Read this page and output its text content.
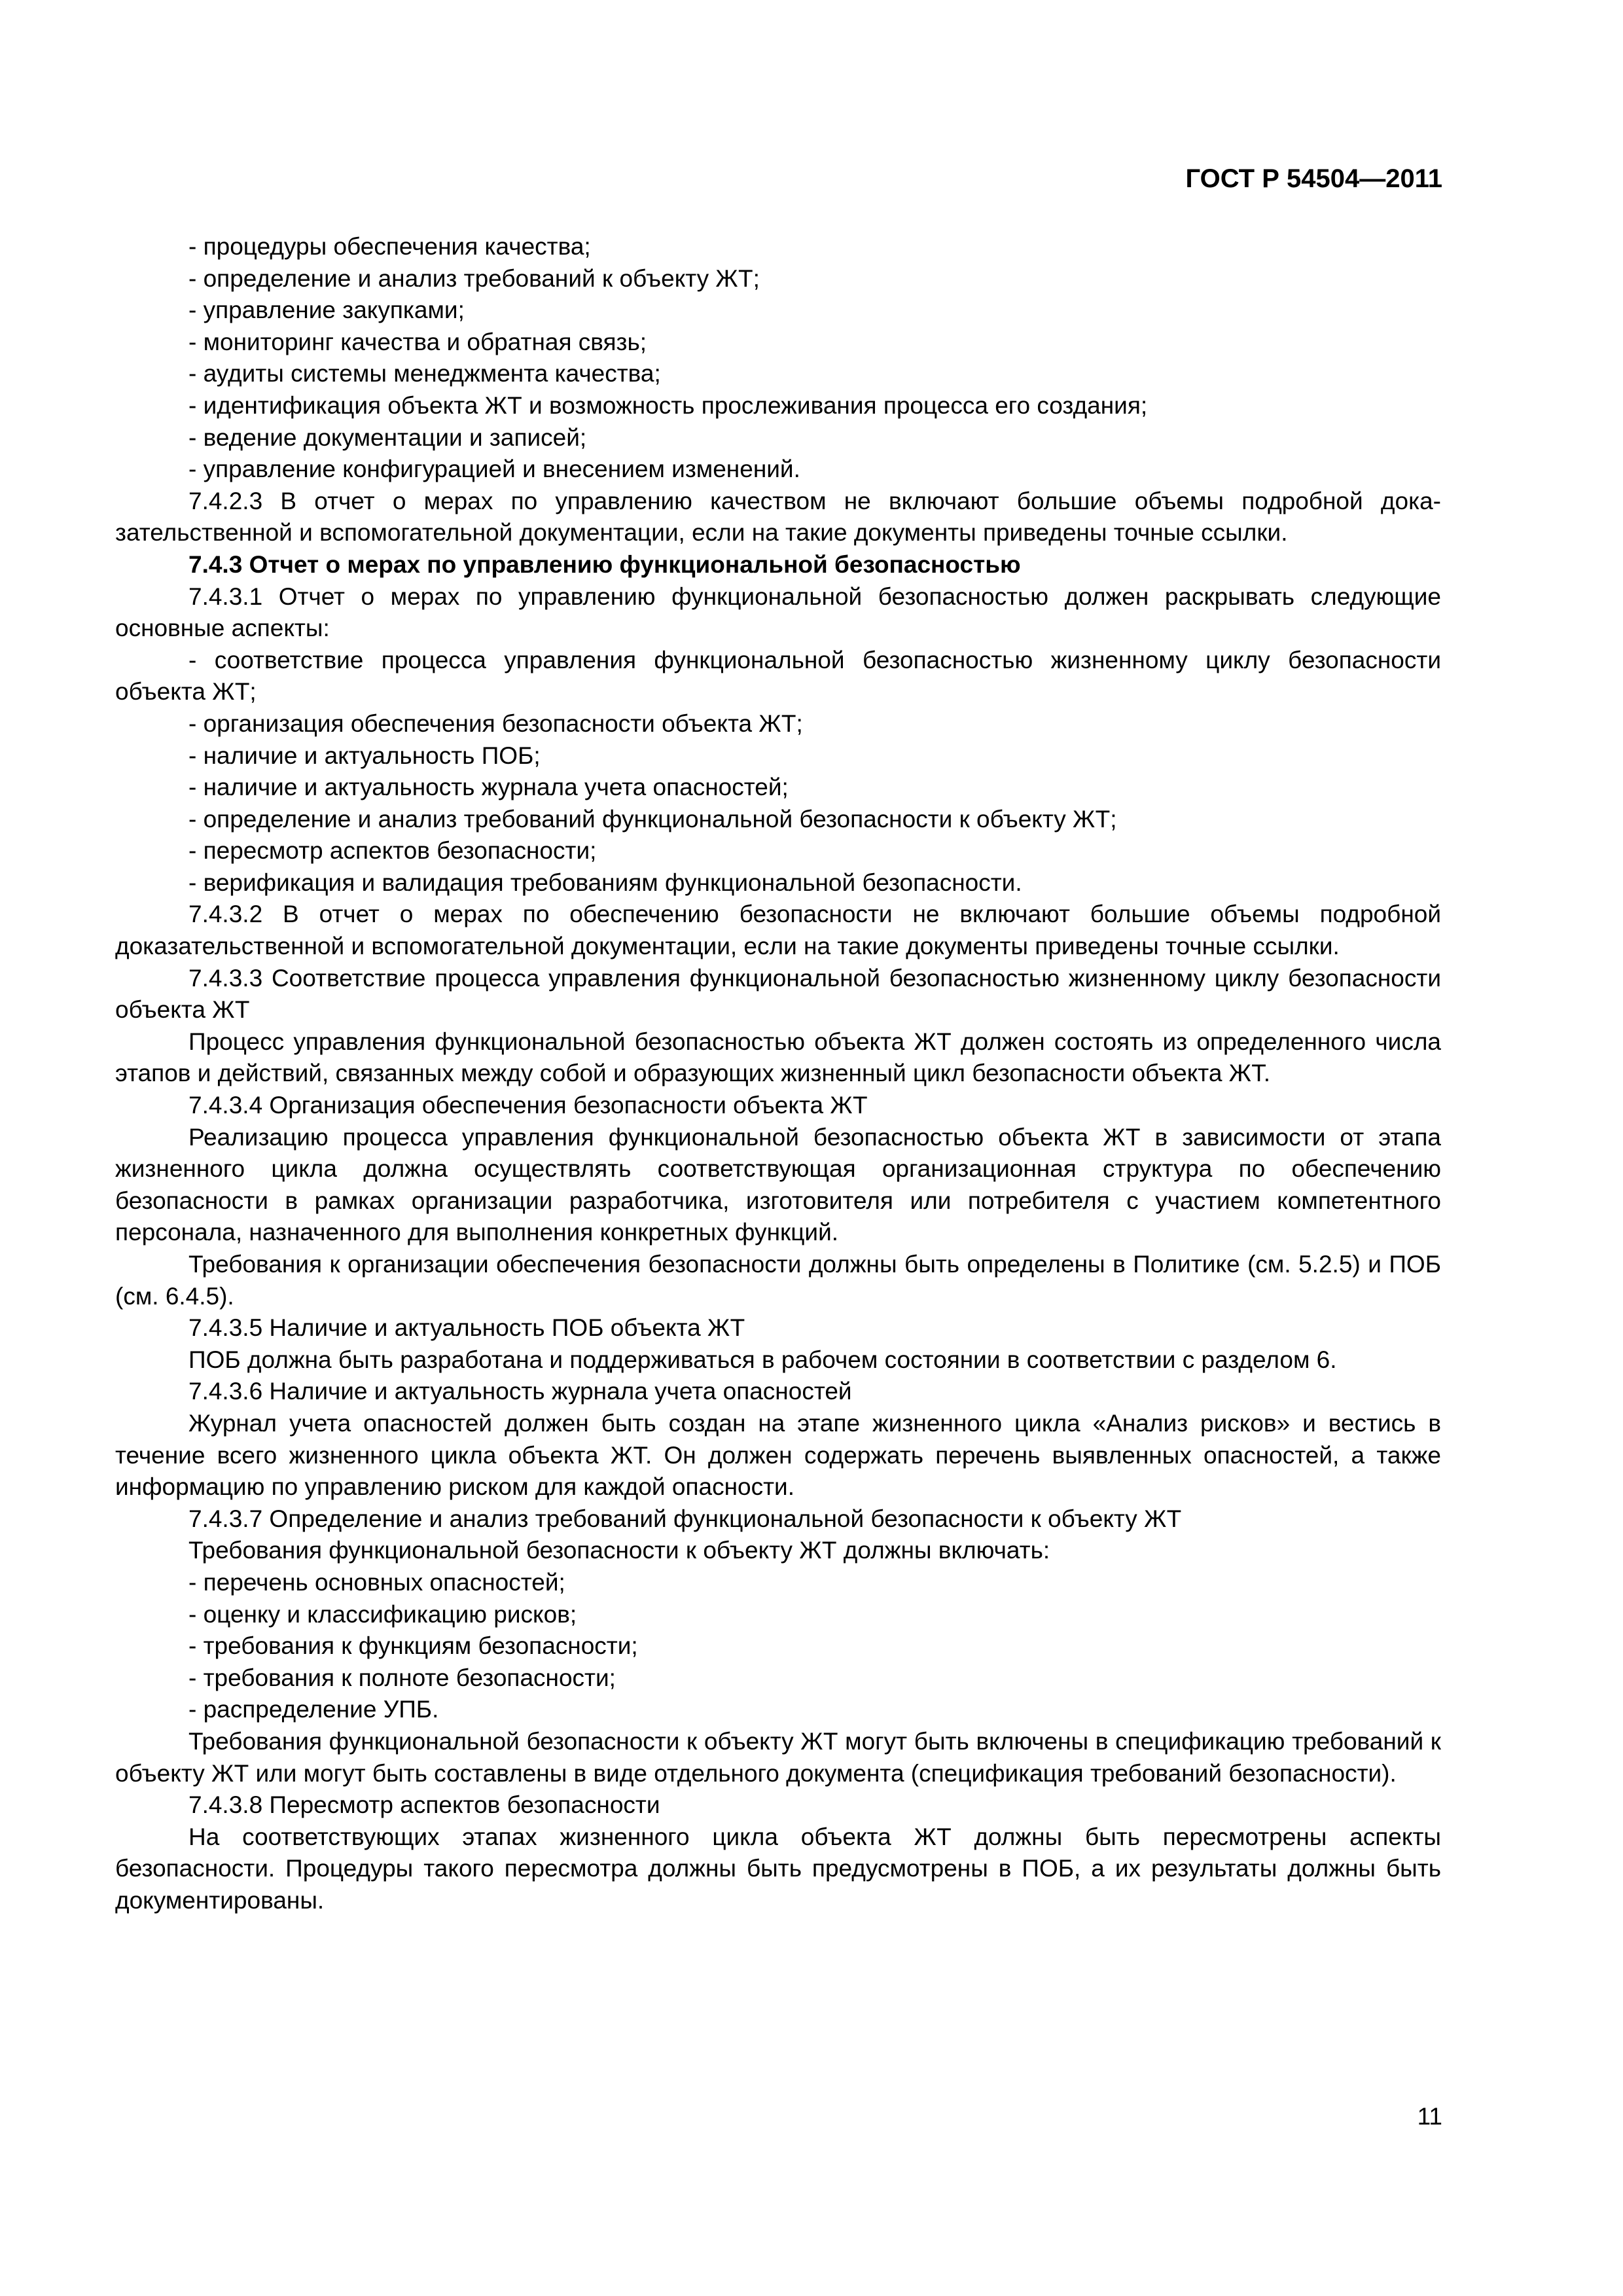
ГОСТ Р 54504—2011

- процедуры обеспечения качества;

- определение и анализ требований к объекту ЖТ;

- управление закупками;

- мониторинг качества и обратная связь;

- аудиты системы менеджмента качества;

- идентификация объекта ЖТ и возможность прослеживания процесса его создания;

- ведение документации и записей;

- управление конфигурацией и внесением изменений.

7.4.2.3 В отчет о мерах по управлению качеством не включают большие объемы подробной доказательственной и вспомогательной документации, если на такие документы приведены точные ссылки.

7.4.3 Отчет о мерах по управлению функциональной безопасностью

7.4.3.1 Отчет о мерах по управлению функциональной безопасностью должен раскрывать следующие основные аспекты:

- соответствие процесса управления функциональной безопасностью жизненному циклу безопасности объекта ЖТ;

- организация обеспечения безопасности объекта ЖТ;

- наличие и актуальность ПОБ;

- наличие и актуальность журнала учета опасностей;

- определение и анализ требований функциональной безопасности к объекту ЖТ;

- пересмотр аспектов безопасности;

- верификация и валидация требованиям функциональной безопасности.

7.4.3.2 В отчет о мерах по обеспечению безопасности не включают большие объемы подробной доказательственной и вспомогательной документации, если на такие документы приведены точные ссылки.

7.4.3.3 Соответствие процесса управления функциональной безопасностью жизненному циклу безопасности объекта ЖТ

Процесс управления функциональной безопасностью объекта ЖТ должен состоять из определенного числа этапов и действий, связанных между собой и образующих жизненный цикл безопасности объекта ЖТ.

7.4.3.4 Организация обеспечения безопасности объекта ЖТ

Реализацию процесса управления функциональной безопасностью объекта ЖТ в зависимости от этапа жизненного цикла должна осуществлять соответствующая организационная структура по обеспечению безопасности в рамках организации разработчика, изготовителя или потребителя с участием компетентного персонала, назначенного для выполнения конкретных функций.

Требования к организации обеспечения безопасности должны быть определены в Политике (см. 5.2.5) и ПОБ (см. 6.4.5).

7.4.3.5 Наличие и актуальность ПОБ объекта ЖТ

ПОБ должна быть разработана и поддерживаться в рабочем состоянии в соответствии с разделом 6.

7.4.3.6 Наличие и актуальность журнала учета опасностей

Журнал учета опасностей должен быть создан на этапе жизненного цикла «Анализ рисков» и вестись в течение всего жизненного цикла объекта ЖТ. Он должен содержать перечень выявленных опасностей, а также информацию по управлению риском для каждой опасности.

7.4.3.7 Определение и анализ требований функциональной безопасности к объекту ЖТ

Требования функциональной безопасности к объекту ЖТ должны включать:

- перечень основных опасностей;

- оценку и классификацию рисков;

- требования к функциям безопасности;

- требования к полноте безопасности;

- распределение УПБ.

Требования функциональной безопасности к объекту ЖТ могут быть включены в спецификацию требований к объекту ЖТ или могут быть составлены в виде отдельного документа (спецификация требований безопасности).

7.4.3.8 Пересмотр аспектов безопасности

На соответствующих этапах жизненного цикла объекта ЖТ должны быть пересмотрены аспекты безопасности. Процедуры такого пересмотра должны быть предусмотрены в ПОБ, а их результаты должны быть документированы.

11
